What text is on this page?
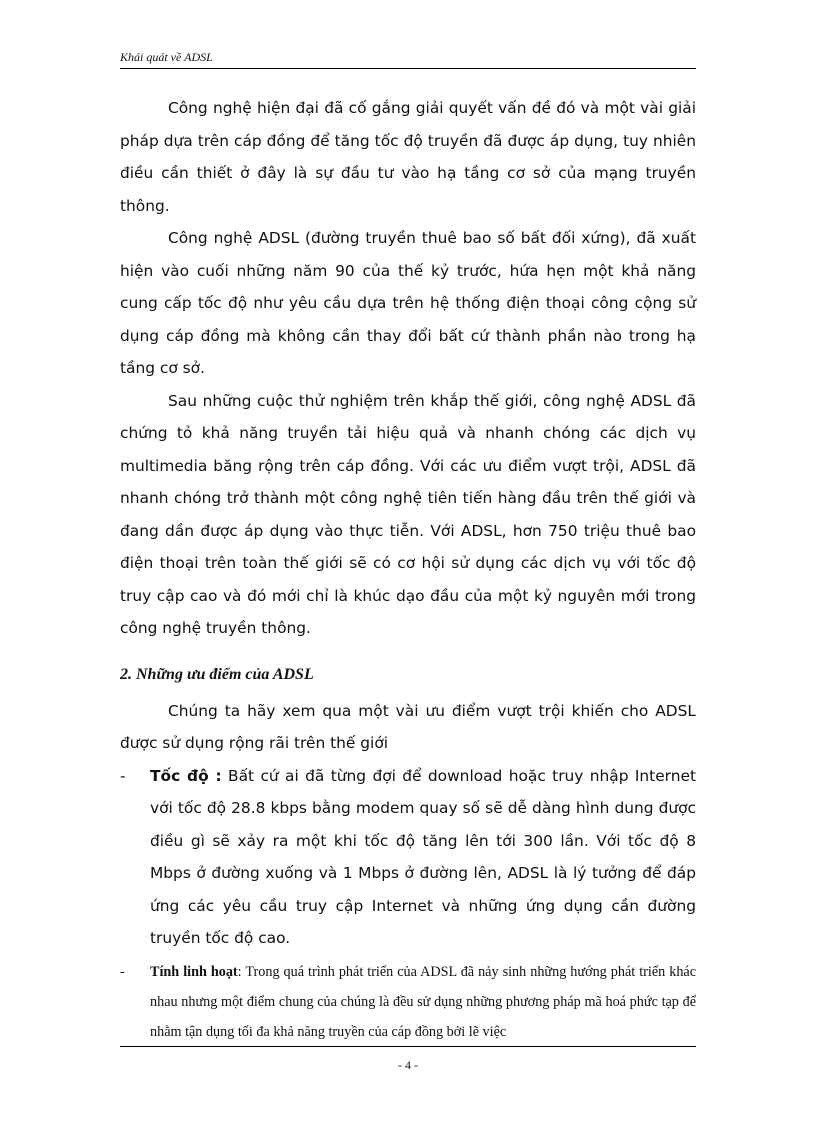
Khái quát về ADSL

Công nghệ hiện đại đã cố gắng giải quyết vấn đề đó và một vài giải pháp dựa trên cáp đồng để tăng tốc độ truyền đã được áp dụng, tuy nhiên điều cần thiết ở đây là sự đầu tư vào hạ tầng cơ sở của mạng truyền thông.

Công nghệ ADSL (đường truyền thuê bao số bất đối xứng), đã xuất hiện vào cuối những năm 90 của thế kỷ trước, hứa hẹn một khả năng cung cấp tốc độ như yêu cầu dựa trên hệ thống điện thoại công cộng sử dụng cáp đồng mà không cần thay đổi bất cứ thành phần nào trong hạ tầng cơ sở.

Sau những cuộc thử nghiệm trên khắp thế giới, công nghệ ADSL đã chứng tỏ khả năng truyền tải hiệu quả và nhanh chóng các dịch vụ multimedia băng rộng trên cáp đồng. Với các ưu điểm vượt trội, ADSL đã nhanh chóng trở thành một công nghệ tiên tiến hàng đầu trên thế giới và đang dần được áp dụng vào thực tiễn. Với ADSL, hơn 750 triệu thuê bao điện thoại trên toàn thế giới sẽ có cơ hội sử dụng các dịch vụ với tốc độ truy cập cao và đó mới chỉ là khúc dạo đầu của một kỷ nguyên mới trong công nghệ truyền thông.

2. Những ưu điểm của ADSL

Chúng ta hãy xem qua một vài ưu điểm vượt trội khiến cho ADSL được sử dụng rộng rãi trên thế giới

-	Tốc độ : Bất cứ ai đã từng đợi để download hoặc truy nhập Internet với tốc độ 28.8 kbps bằng modem quay số sẽ dễ dàng hình dung được điều gì sẽ xảy ra một khi tốc độ tăng lên tới 300 lần. Với tốc độ 8 Mbps ở đường xuống và 1 Mbps ở đường lên, ADSL là lý tưởng để đáp ứng các yêu cầu truy cập Internet và những ứng dụng cần đường truyền tốc độ cao.
-	Tính linh hoạt: Trong quá trình phát triển của ADSL đã nảy sinh những hướng phát triển khác nhau nhưng một điểm chung của chúng là đều sử dụng những phương pháp mã hoá phức tạp để nhằm tận dụng tối đa khả năng truyền của cáp đồng bởi lẽ việc
- 4 -
